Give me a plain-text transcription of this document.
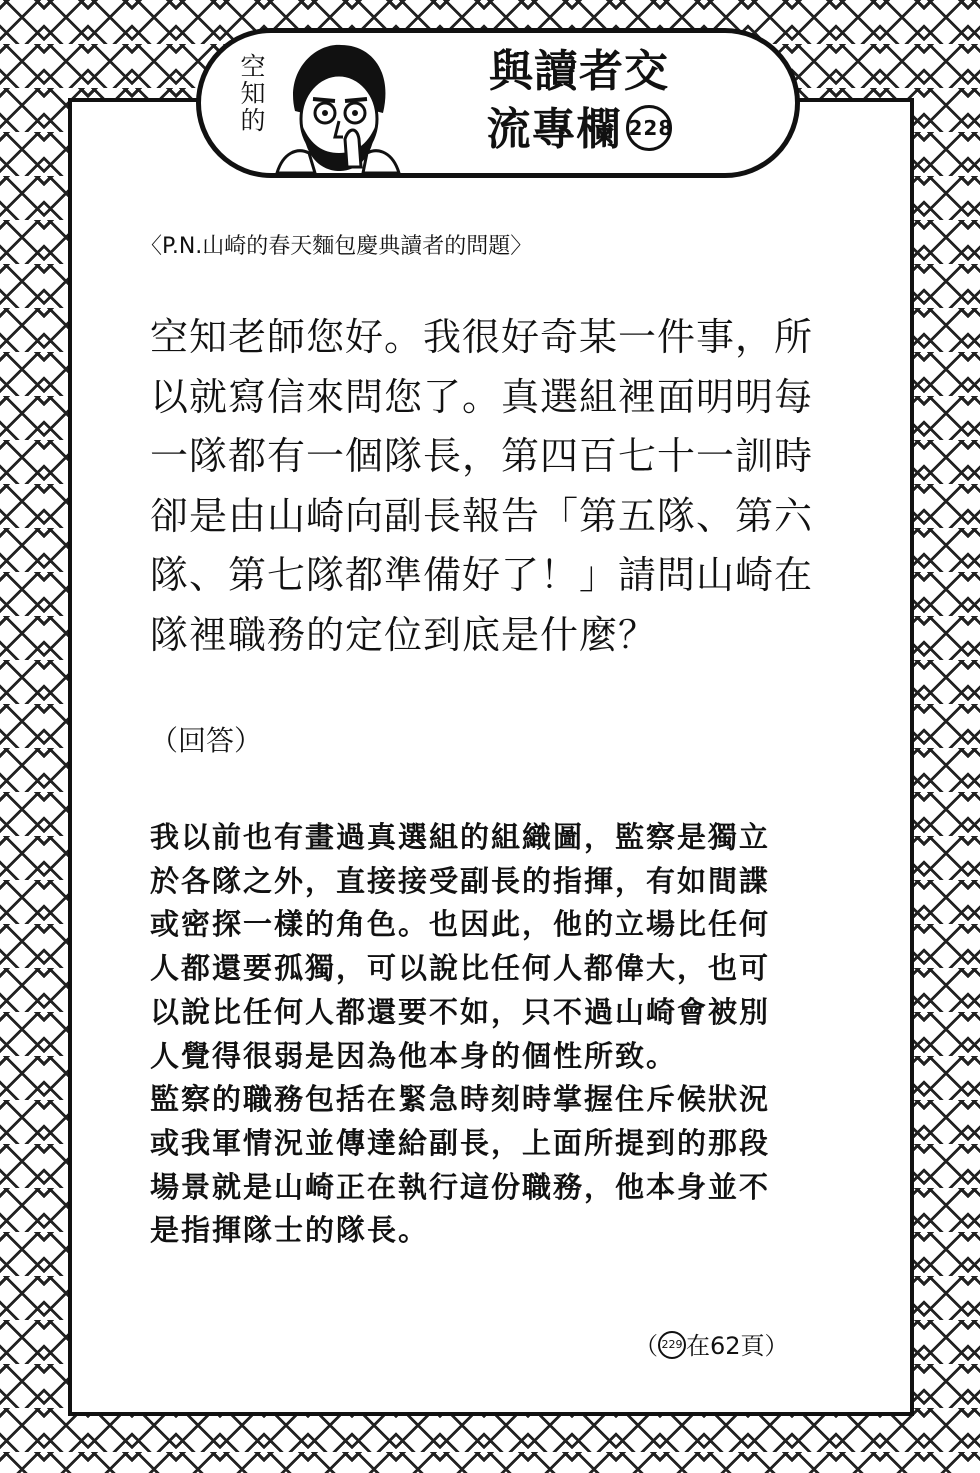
空
知
的
與讀者交
流專欄 228
〈P.N.山崎的春天麵包慶典讀者的問題〉
空知老師您好。我很好奇某一件事，所
以就寫信來問您了。真選組裡面明明每
一隊都有一個隊長，第四百七十一訓時
卻是由山崎向副長報告「第五隊、第六
隊、第七隊都準備好了！」請問山崎在
隊裡職務的定位到底是什麼？
（回答）
我以前也有畫過真選組的組織圖，監察是獨立
於各隊之外，直接接受副長的指揮，有如間諜
或密探一樣的角色。也因此，他的立場比任何
人都還要孤獨，可以說比任何人都偉大，也可
以說比任何人都還要不如，只不過山崎會被別
人覺得很弱是因為他本身的個性所致。
監察的職務包括在緊急時刻時掌握住斥候狀況
或我軍情況並傳達給副長，上面所提到的那段
場景就是山崎正在執行這份職務，他本身並不
是指揮隊士的隊長。
（ 229 在62頁）
